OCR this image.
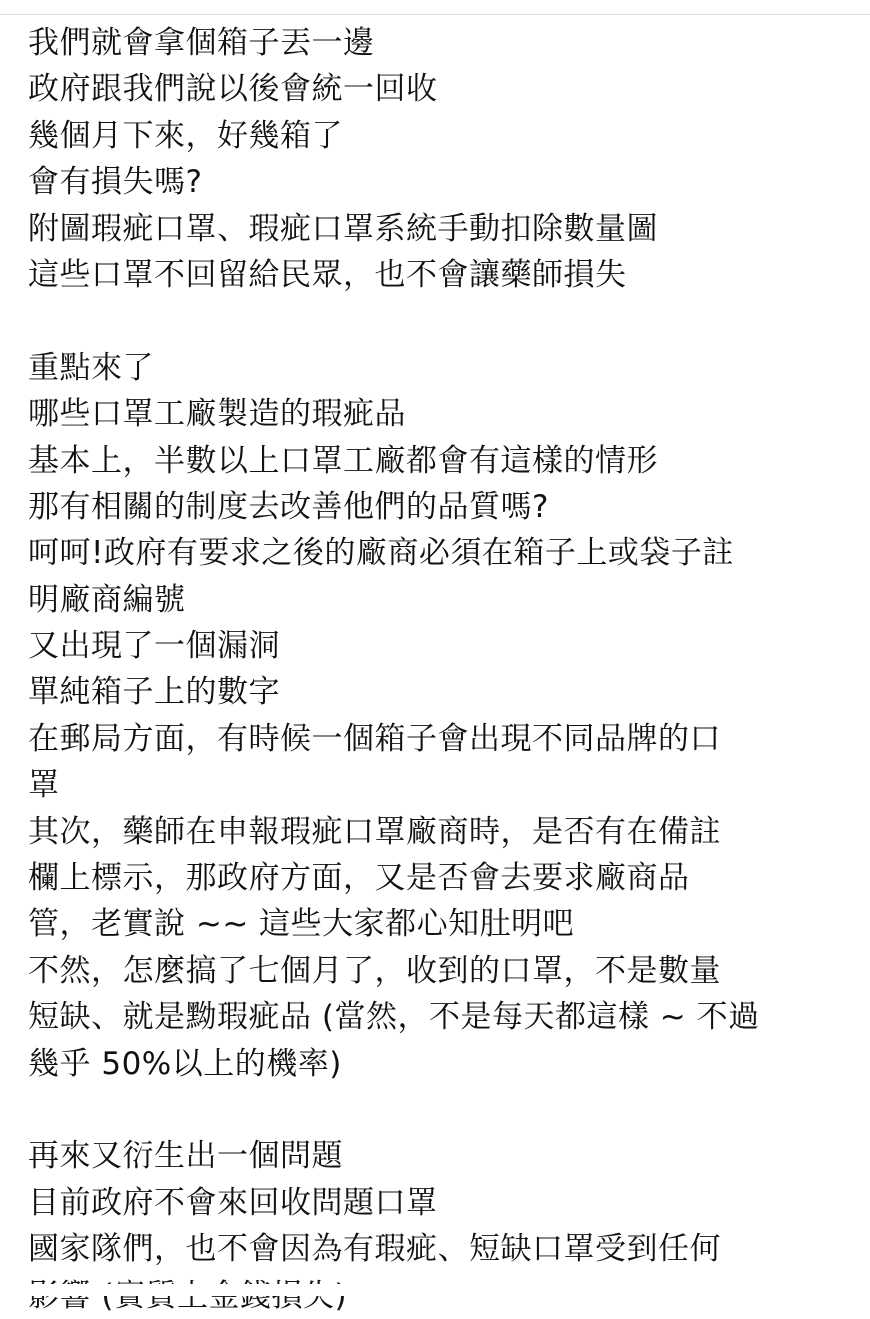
我們就會拿個箱子丟一邊
政府跟我們說以後會統一回收
幾個月下來，好幾箱了
會有損失嗎?
附圖瑕疵口罩、瑕疵口罩系統手動扣除數量圖
這些口罩不回留給民眾，也不會讓藥師損失
重點來了
哪些口罩工廠製造的瑕疵品
基本上，半數以上口罩工廠都會有這樣的情形
那有相關的制度去改善他們的品質嗎?
呵呵!政府有要求之後的廠商必須在箱子上或袋子註
明廠商編號
又出現了一個漏洞
單純箱子上的數字
在郵局方面，有時候一個箱子會出現不同品牌的口
罩
其次，藥師在申報瑕疵口罩廠商時，是否有在備註
欄上標示，那政府方面，又是否會去要求廠商品
管，老實說 ~~ 這些大家都心知肚明吧
不然，怎麼搞了七個月了，收到的口罩，不是數量
短缺、就是黝瑕疵品 (當然，不是每天都這樣 ~ 不過
幾乎 50%以上的機率)
再來又衍生出一個問題
目前政府不會來回收問題口罩
國家隊們，也不會因為有瑕疵、短缺口罩受到任何
